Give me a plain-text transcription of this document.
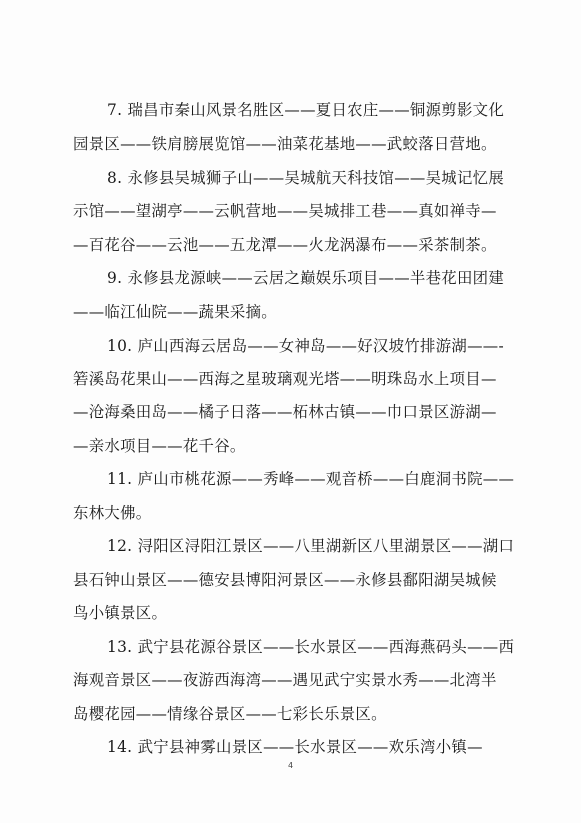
7. 瑞昌市秦山风景名胜区——夏日农庄——铜源剪影文化
园景区——铁肩膀展览馆——油菜花基地——武蛟落日营地。
8. 永修县吴城狮子山——吴城航天科技馆——吴城记忆展
示馆——望湖亭——云帆营地——吴城排工巷——真如禅寺—
—百花谷——云池——五龙潭——火龙涡瀑布——采茶制茶。
9. 永修县龙源峡——云居之巅娱乐项目——半巷花田团建
——临江仙院——蔬果采摘。
10. 庐山西海云居岛——女神岛——好汉坡竹排游湖——-
箬溪岛花果山——西海之星玻璃观光塔——明珠岛水上项目—
—沧海桑田岛——橘子日落——柘林古镇——巾口景区游湖—
—亲水项目——花千谷。
11. 庐山市桃花源——秀峰——观音桥——白鹿洞书院——
东林大佛。
12. 浔阳区浔阳江景区——八里湖新区八里湖景区——湖口
县石钟山景区——德安县博阳河景区——永修县鄱阳湖吴城候
鸟小镇景区。
13. 武宁县花源谷景区——长水景区——西海燕码头——西
海观音景区——夜游西海湾——遇见武宁实景水秀——北湾半
岛樱花园——情缘谷景区——七彩长乐景区。
14. 武宁县神雾山景区——长水景区——欢乐湾小镇—
4
